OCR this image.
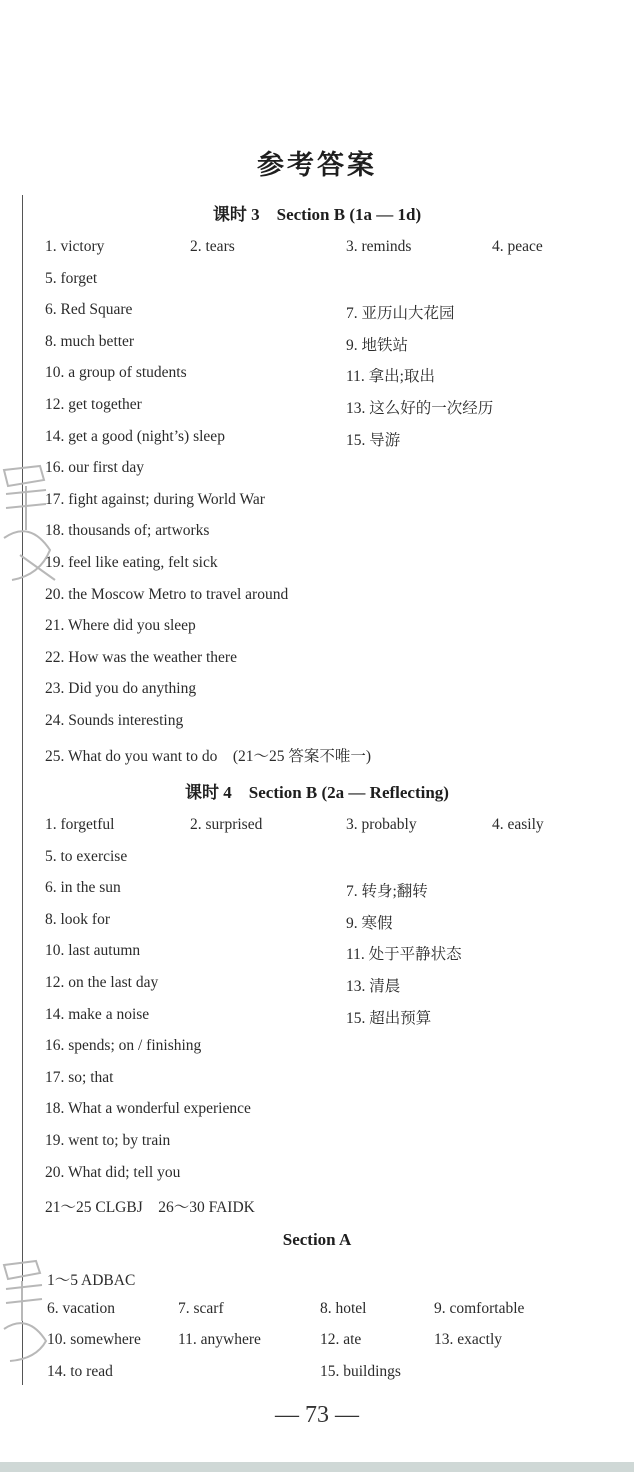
参考答案
课时 3　Section B (1a — 1d)
1. victory	2. tears	3. reminds	4. peace
5. forget
6. Red Square	7. 亚历山大花园
8. much better	9. 地铁站
10. a group of students	11. 拿出;取出
12. get together	13. 这么好的一次经历
14. get a good (night’s) sleep	15. 导游
16. our first day
17. fight against; during World War
18. thousands of; artworks
19. feel like eating, felt sick
20. the Moscow Metro to travel around
21. Where did you sleep
22. How was the weather there
23. Did you do anything
24. Sounds interesting
25. What do you want to do　(21～25 答案不唯一)
课时 4　Section B (2a — Reflecting)
1. forgetful	2. surprised	3. probably	4. easily
5. to exercise
6. in the sun	7. 转身;翻转
8. look for	9. 寒假
10. last autumn	11. 处于平静状态
12. on the last day	13. 清晨
14. make a noise	15. 超出预算
16. spends; on / finishing
17. so; that
18. What a wonderful experience
19. went to; by train
20. What did; tell you
21～25 CLGBJ　26～30 FAIDK
Section A
1～5 ADBAC
6. vacation	7. scarf	8. hotel	9. comfortable
10. somewhere 11. anywhere	12. ate	13. exactly
14. to read	15. buildings
— 73 —
